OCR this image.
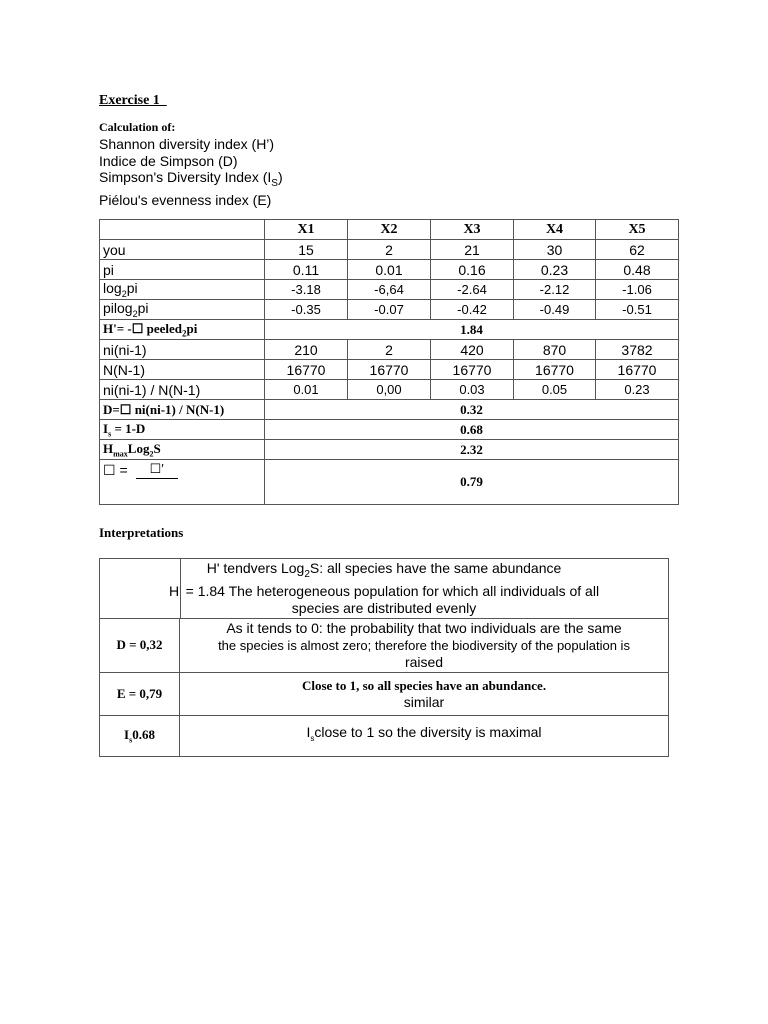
Exercise 1
Calculation of:
Shannon diversity index (H’)
Indice de Simpson (D)
Simpson's Diversity Index $(I_S)$
Piélou's evenness index (E)
	X1	X2	X3	X4	X5
you	15	2	21	30	62
pi	0.11	0.01	0.16	0.23	0.48
$\log_2pi$	-3.18	-6,64	-2.64	-2.12	-1.06
pilog$_2$pi	-0.35	-0.07	-0.42	-0.49	-0.51
H'= -☐ peeled$_2$pi	1.84				
ni(ni-1)	210	2	420	870	3782
N(N-1)	16770	16770	16770	16770	16770
ni(ni-1) / N(N-1)	0.01	0,00	0.03	0.05	0.23
D=☐ ni(ni-1) / N(N-1)	0.32				
$I_s = 1-D$	0.68				
$H_{max}Log_2S$	2.32				

☐ = ☐′	0.79				
Interpretations
H' tendvers Log$_2$S: all species have the same abundance
H' = 1.84 The heterogeneous population for which all individuals of all
species are distributed evenly	

D = 0,32	As it tends to 0: the probability that two individuals are the same
the species is almost zero; therefore the biodiversity of the population is
raised

E = 0,79	Close to 1, so all species have an abundance.
similar

$I_s0.68$	$I_sclose$ to 1 so the diversity is maximal
